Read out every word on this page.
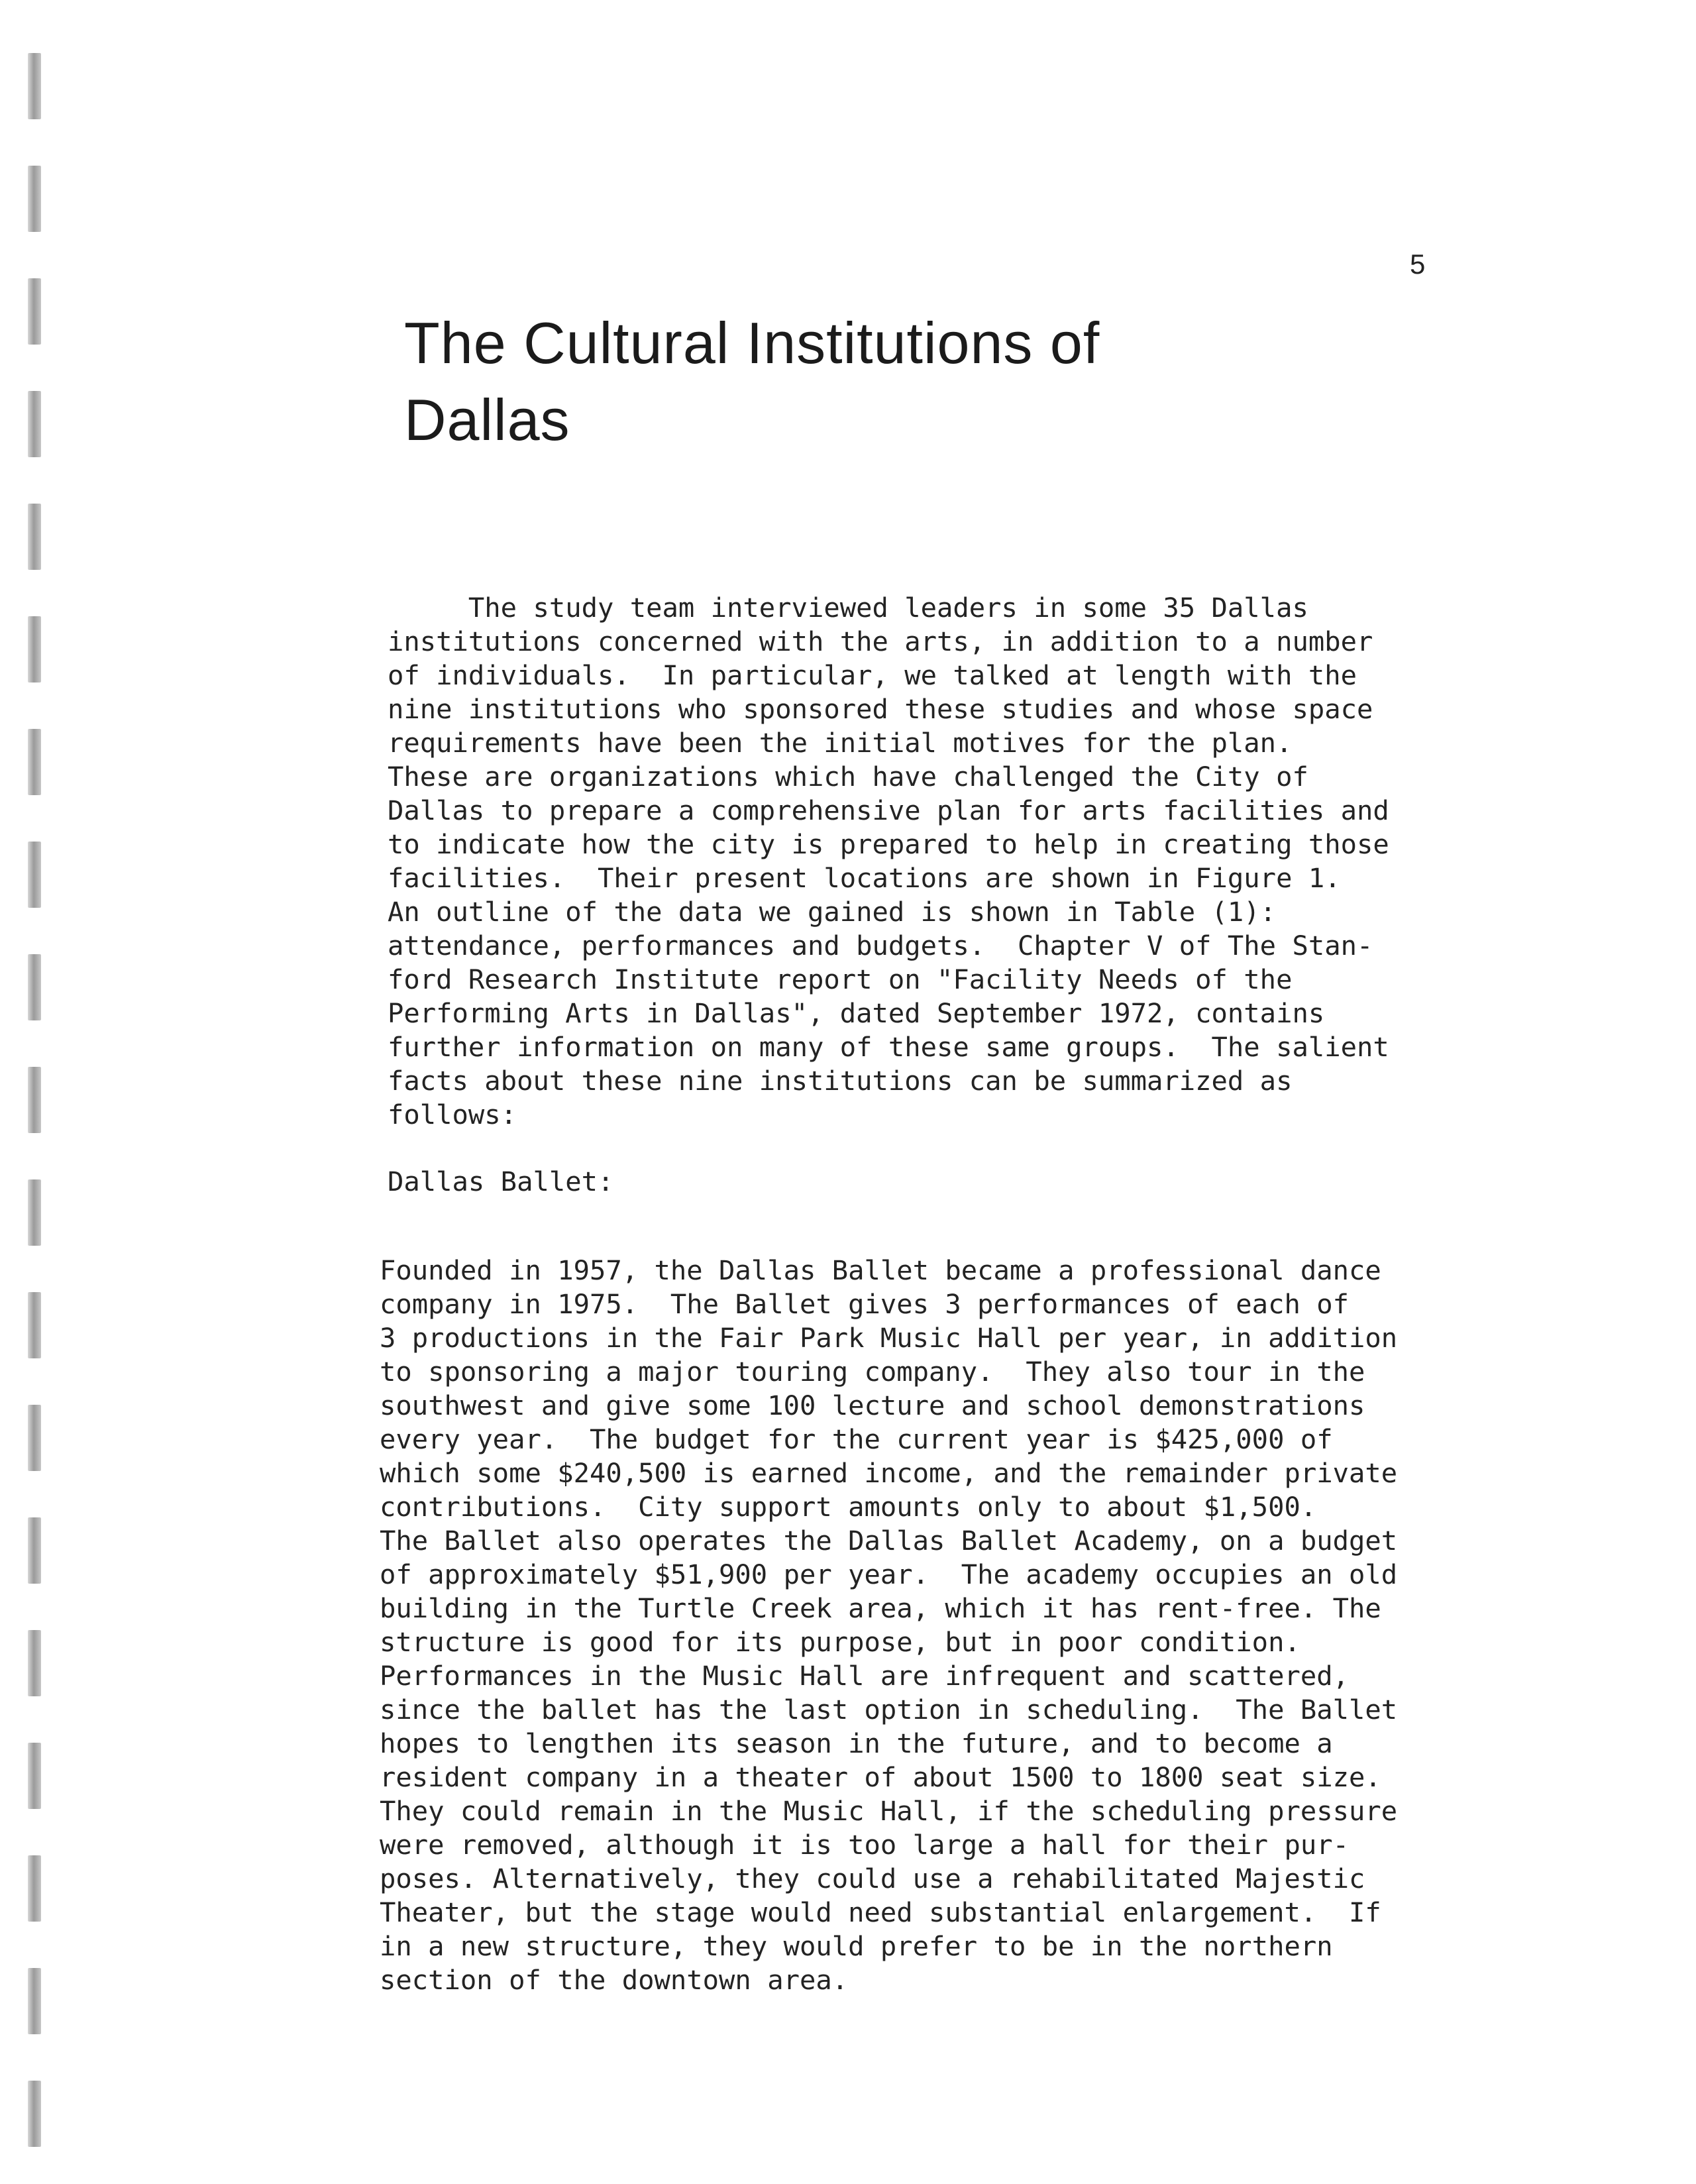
5
The Cultural Institutions of
Dallas

The study team interviewed leaders in some 35 Dallas
institutions concerned with the arts, in addition to a number
of individuals.  In particular, we talked at length with the
nine institutions who sponsored these studies and whose space
requirements have been the initial motives for the plan.
These are organizations which have challenged the City of
Dallas to prepare a comprehensive plan for arts facilities and
to indicate how the city is prepared to help in creating those
facilities.  Their present locations are shown in Figure 1.
An outline of the data we gained is shown in Table (1):
attendance, performances and budgets.  Chapter V of The Stan-
ford Research Institute report on "Facility Needs of the
Performing Arts in Dallas", dated September 1972, contains
further information on many of these same groups.  The salient
facts about these nine institutions can be summarized as
follows:

Dallas Ballet:

Founded in 1957, the Dallas Ballet became a professional dance
company in 1975.  The Ballet gives 3 performances of each of
3 productions in the Fair Park Music Hall per year, in addition
to sponsoring a major touring company.  They also tour in the
southwest and give some 100 lecture and school demonstrations
every year.  The budget for the current year is $425,000 of
which some $240,500 is earned income, and the remainder private
contributions.  City support amounts only to about $1,500.
The Ballet also operates the Dallas Ballet Academy, on a budget
of approximately $51,900 per year.  The academy occupies an old
building in the Turtle Creek area, which it has rent-free. The
structure is good for its purpose, but in poor condition.
Performances in the Music Hall are infrequent and scattered,
since the ballet has the last option in scheduling.  The Ballet
hopes to lengthen its season in the future, and to become a
resident company in a theater of about 1500 to 1800 seat size.
They could remain in the Music Hall, if the scheduling pressure
were removed, although it is too large a hall for their pur-
poses. Alternatively, they could use a rehabilitated Majestic
Theater, but the stage would need substantial enlargement.  If
in a new structure, they would prefer to be in the northern
section of the downtown area.
